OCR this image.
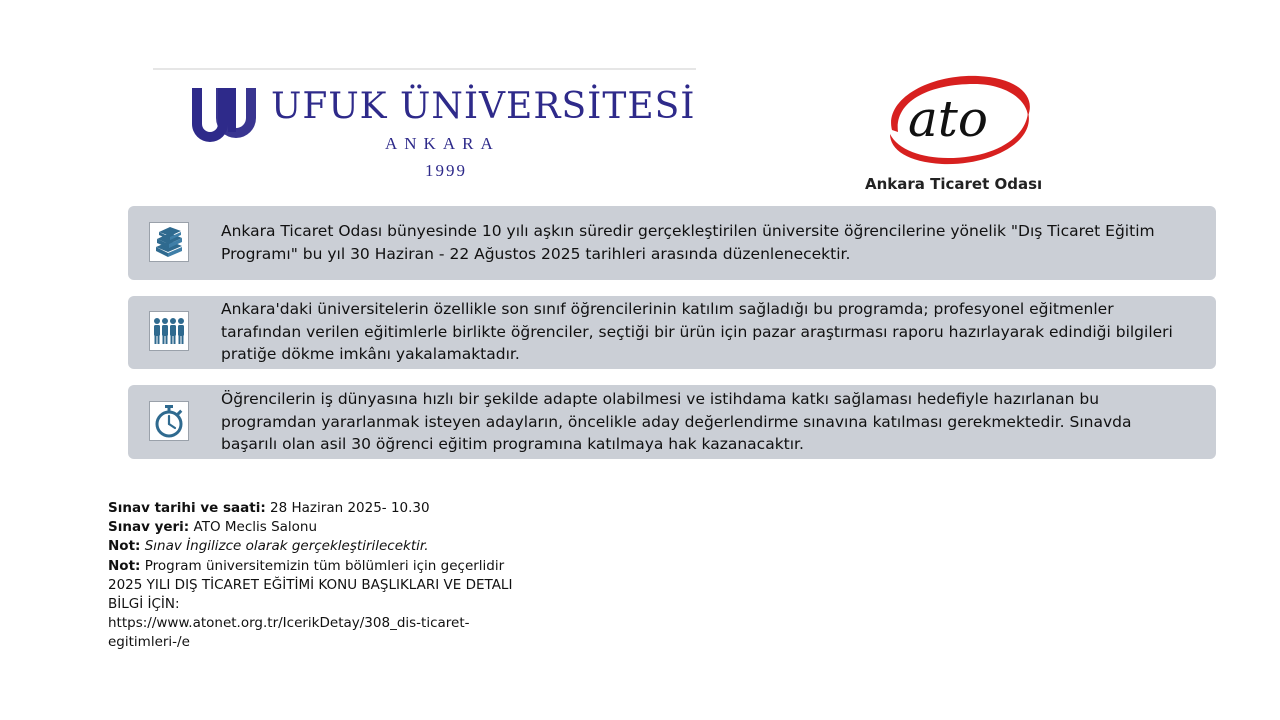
UFUK ÜNİVERSİTESİ
ANKARA
1999
ato
Ankara Ticaret Odası
Ankara Ticaret Odası bünyesinde 10 yılı aşkın süredir gerçekleştirilen üniversite öğrencilerine yönelik "Dış Ticaret Eğitim Programı" bu yıl 30 Haziran - 22 Ağustos 2025 tarihleri arasında düzenlenecektir.
Ankara'daki üniversitelerin özellikle son sınıf öğrencilerinin katılım sağladığı bu programda; profesyonel eğitmenler tarafından verilen eğitimlerle birlikte öğrenciler, seçtiği bir ürün için pazar araştırması raporu hazırlayarak edindiği bilgileri pratiğe dökme imkânı yakalamaktadır.
Öğrencilerin iş dünyasına hızlı bir şekilde adapte olabilmesi ve istihdama katkı sağlaması hedefiyle hazırlanan bu programdan yararlanmak isteyen adayların, öncelikle aday değerlendirme sınavına katılması gerekmektedir. Sınavda başarılı olan asil 30 öğrenci eğitim programına katılmaya hak kazanacaktır.
Sınav tarihi ve saati: 28 Haziran 2025- 10.30
Sınav yeri: ATO Meclis Salonu
Not: Sınav İngilizce olarak gerçekleştirilecektir.
Not: Program üniversitemizin tüm bölümleri için geçerlidir
2025 YILI DIŞ TİCARET EĞİTİMİ KONU BAŞLIKLARI VE DETALI BİLGİ İÇİN:
https://www.atonet.org.tr/IcerikDetay/308_dis-ticaret-egitimleri-/e
